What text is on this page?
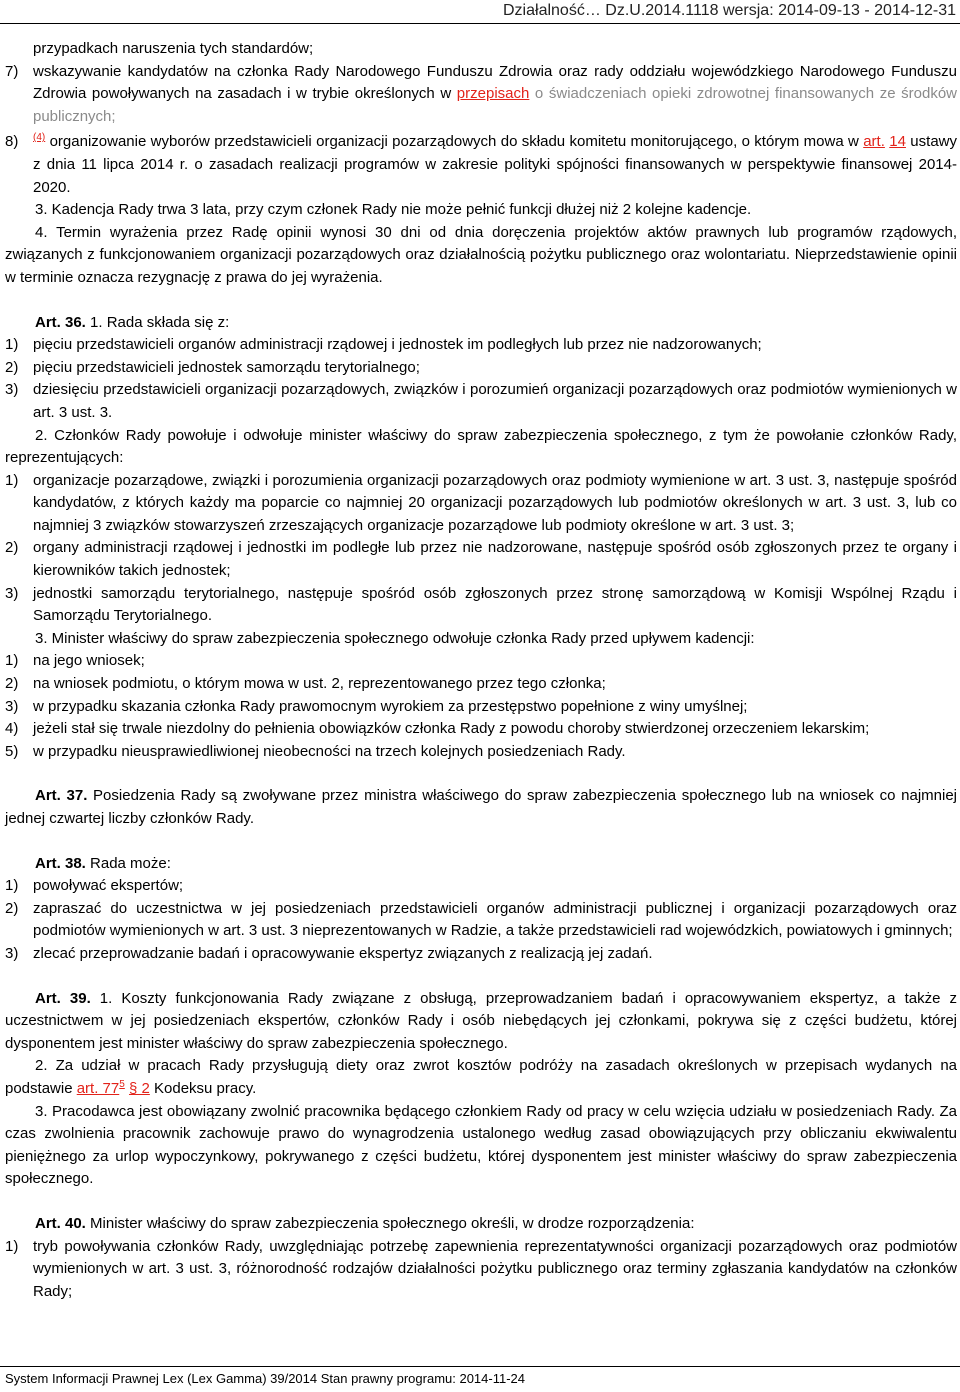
Działalność… Dz.U.2014.1118 wersja: 2014-09-13 - 2014-12-31
przypadkach naruszenia tych standardów;
7) wskazywanie kandydatów na członka Rady Narodowego Funduszu Zdrowia oraz rady oddziału wojewódzkiego Narodowego Funduszu Zdrowia powoływanych na zasadach i w trybie określonych w przepisach o świadczeniach opieki zdrowotnej finansowanych ze środków publicznych;
8) $^{(4)}$ organizowanie wyborów przedstawicieli organizacji pozarządowych do składu komitetu monitorującego, o którym mowa w art. 14 ustawy z dnia 11 lipca 2014 r. o zasadach realizacji programów w zakresie polityki spójności finansowanych w perspektywie finansowej 2014-2020.
3. Kadencja Rady trwa 3 lata, przy czym członek Rady nie może pełnić funkcji dłużej niż 2 kolejne kadencje.
4. Termin wyrażenia przez Radę opinii wynosi 30 dni od dnia doręczenia projektów aktów prawnych lub programów rządowych, związanych z funkcjonowaniem organizacji pozarządowych oraz działalnością pożytku publicznego oraz wolontariatu. Nieprzedstawienie opinii w terminie oznacza rezygnację z prawa do jej wyrażenia.
Art. 36. 1. Rada składa się z:
1) pięciu przedstawicieli organów administracji rządowej i jednostek im podległych lub przez nie nadzorowanych;
2) pięciu przedstawicieli jednostek samorządu terytorialnego;
3) dziesięciu przedstawicieli organizacji pozarządowych, związków i porozumień organizacji pozarządowych oraz podmiotów wymienionych w art. 3 ust. 3.
2. Członków Rady powołuje i odwołuje minister właściwy do spraw zabezpieczenia społecznego, z tym że powołanie członków Rady, reprezentujących:
1) organizacje pozarządowe, związki i porozumienia organizacji pozarządowych oraz podmioty wymienione w art. 3 ust. 3, następuje spośród kandydatów, z których każdy ma poparcie co najmniej 20 organizacji pozarządowych lub podmiotów określonych w art. 3 ust. 3, lub co najmniej 3 związków stowarzyszeń zrzeszających organizacje pozarządowe lub podmioty określone w art. 3 ust. 3;
2) organy administracji rządowej i jednostki im podległe lub przez nie nadzorowane, następuje spośród osób zgłoszonych przez te organy i kierowników takich jednostek;
3) jednostki samorządu terytorialnego, następuje spośród osób zgłoszonych przez stronę samorządową w Komisji Wspólnej Rządu i Samorządu Terytorialnego.
3. Minister właściwy do spraw zabezpieczenia społecznego odwołuje członka Rady przed upływem kadencji:
1) na jego wniosek;
2) na wniosek podmiotu, o którym mowa w ust. 2, reprezentowanego przez tego członka;
3) w przypadku skazania członka Rady prawomocnym wyrokiem za przestępstwo popełnione z winy umyślnej;
4) jeżeli stał się trwale niezdolny do pełnienia obowiązków członka Rady z powodu choroby stwierdzonej orzeczeniem lekarskim;
5) w przypadku nieusprawiedliwionej nieobecności na trzech kolejnych posiedzeniach Rady.
Art. 37. Posiedzenia Rady są zwoływane przez ministra właściwego do spraw zabezpieczenia społecznego lub na wniosek co najmniej jednej czwartej liczby członków Rady.
Art. 38. Rada może:
1) powoływać ekspertów;
2) zapraszać do uczestnictwa w jej posiedzeniach przedstawicieli organów administracji publicznej i organizacji pozarządowych oraz podmiotów wymienionych w art. 3 ust. 3 nieprezentowanych w Radzie, a także przedstawicieli rad wojewódzkich, powiatowych i gminnych;
3) zlecać przeprowadzanie badań i opracowywanie ekspertyz związanych z realizacją jej zadań.
Art. 39. 1. Koszty funkcjonowania Rady związane z obsługą, przeprowadzaniem badań i opracowywaniem ekspertyz, a także z uczestnictwem w jej posiedzeniach ekspertów, członków Rady i osób niebędących jej członkami, pokrywa się z części budżetu, której dysponentem jest minister właściwy do spraw zabezpieczenia społecznego.
2. Za udział w pracach Rady przysługują diety oraz zwrot kosztów podróży na zasadach określonych w przepisach wydanych na podstawie art. $77^5$ § 2 Kodeksu pracy.
3. Pracodawca jest obowiązany zwolnić pracownika będącego członkiem Rady od pracy w celu wzięcia udziału w posiedzeniach Rady. Za czas zwolnienia pracownik zachowuje prawo do wynagrodzenia ustalonego według zasad obowiązujących przy obliczaniu ekwiwalentu pieniężnego za urlop wypoczynkowy, pokrywanego z części budżetu, której dysponentem jest minister właściwy do spraw zabezpieczenia społecznego.
Art. 40. Minister właściwy do spraw zabezpieczenia społecznego określi, w drodze rozporządzenia:
1) tryb powoływania członków Rady, uwzględniając potrzebę zapewnienia reprezentatywności organizacji pozarządowych oraz podmiotów wymienionych w art. 3 ust. 3, różnorodność rodzajów działalności pożytku publicznego oraz terminy zgłaszania kandydatów na członków Rady;
System Informacji Prawnej Lex (Lex Gamma) 39/2014 Stan prawny programu: 2014-11-24
